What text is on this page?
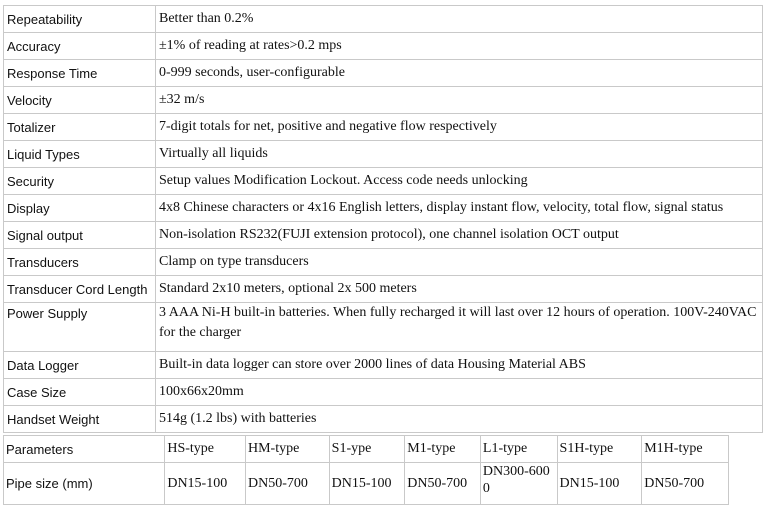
Repeatability	Better than 0.2%
Accuracy	±1% of reading at rates>0.2 mps
Response Time	0-999 seconds, user-configurable
Velocity	±32 m/s
Totalizer	7-digit totals for net, positive and negative flow respectively
Liquid Types	Virtually all liquids
Security	Setup values Modification Lockout. Access code needs unlocking
Display	4x8 Chinese characters or 4x16 English letters, display instant flow, velocity, total flow, signal status
Signal output	Non-isolation RS232(FUJI extension protocol), one channel isolation OCT output
Transducers	Clamp on type transducers
Transducer Cord Length	Standard 2x10 meters, optional 2x 500 meters
Power Supply	3 AAA Ni-H built-in batteries. When fully recharged it will last over 12 hours of operation. 100V-240VAC for the charger
Data Logger	Built-in data logger can store over 2000 lines of data Housing Material ABS
Case Size	100x66x20mm
Handset Weight	514g (1.2 lbs) with batteries
Parameters	HS-type	HM-type	S1-ype	M1-type	L1-type	S1H-type	M1H-type
Pipe size (mm)	DN15-100	DN50-700	DN15-100	DN50-700	DN300-6000	DN15-100	DN50-700
